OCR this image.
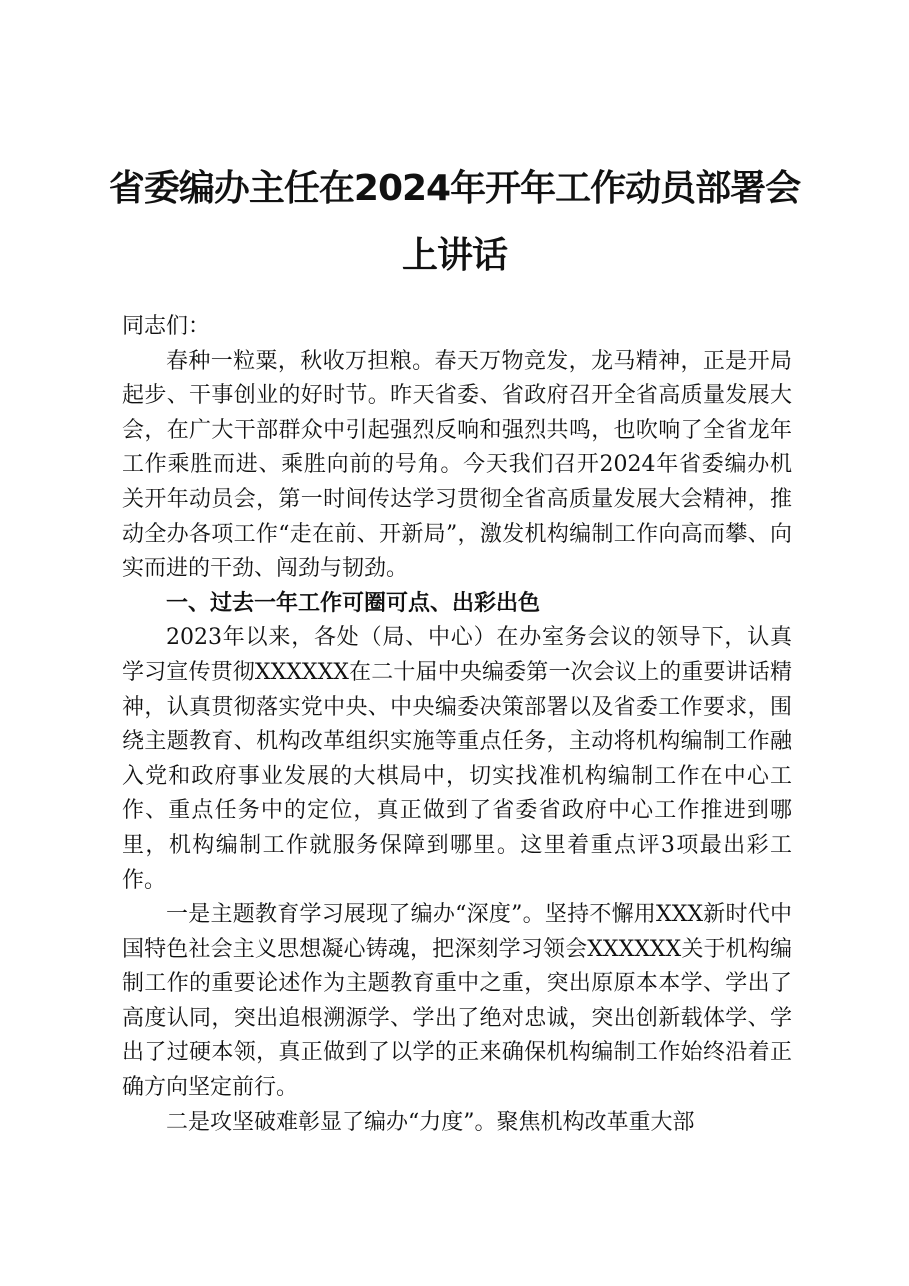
省委编办主任在2024年开年工作动员部署会
上讲话

同志们：

春种一粒粟，秋收万担粮。春天万物竞发，龙马精神，正是开局起步、干事创业的好时节。昨天省委、省政府召开全省高质量发展大会，在广大干部群众中引起强烈反响和强烈共鸣，也吹响了全省龙年工作乘胜而进、乘胜向前的号角。今天我们召开2024年省委编办机关开年动员会，第一时间传达学习贯彻全省高质量发展大会精神，推动全办各项工作“走在前、开新局”，激发机构编制工作向高而攀、向实而进的干劲、闯劲与韧劲。

一、过去一年工作可圈可点、出彩出色

2023年以来，各处（局、中心）在办室务会议的领导下，认真学习宣传贯彻XXXXXX在二十届中央编委第一次会议上的重要讲话精神，认真贯彻落实党中央、中央编委决策部署以及省委工作要求，围绕主题教育、机构改革组织实施等重点任务，主动将机构编制工作融入党和政府事业发展的大棋局中，切实找准机构编制工作在中心工作、重点任务中的定位，真正做到了省委省政府中心工作推进到哪里，机构编制工作就服务保障到哪里。这里着重点评3项最出彩工作。

一是主题教育学习展现了编办“深度”。坚持不懈用XXX新时代中国特色社会主义思想凝心铸魂，把深刻学习领会XXXXXX关于机构编制工作的重要论述作为主题教育重中之重，突出原原本本学、学出了高度认同，突出追根溯源学、学出了绝对忠诚，突出创新载体学、学出了过硬本领，真正做到了以学的正来确保机构编制工作始终沿着正确方向坚定前行。

二是攻坚破难彰显了编办“力度”。聚焦机构改革重大部
